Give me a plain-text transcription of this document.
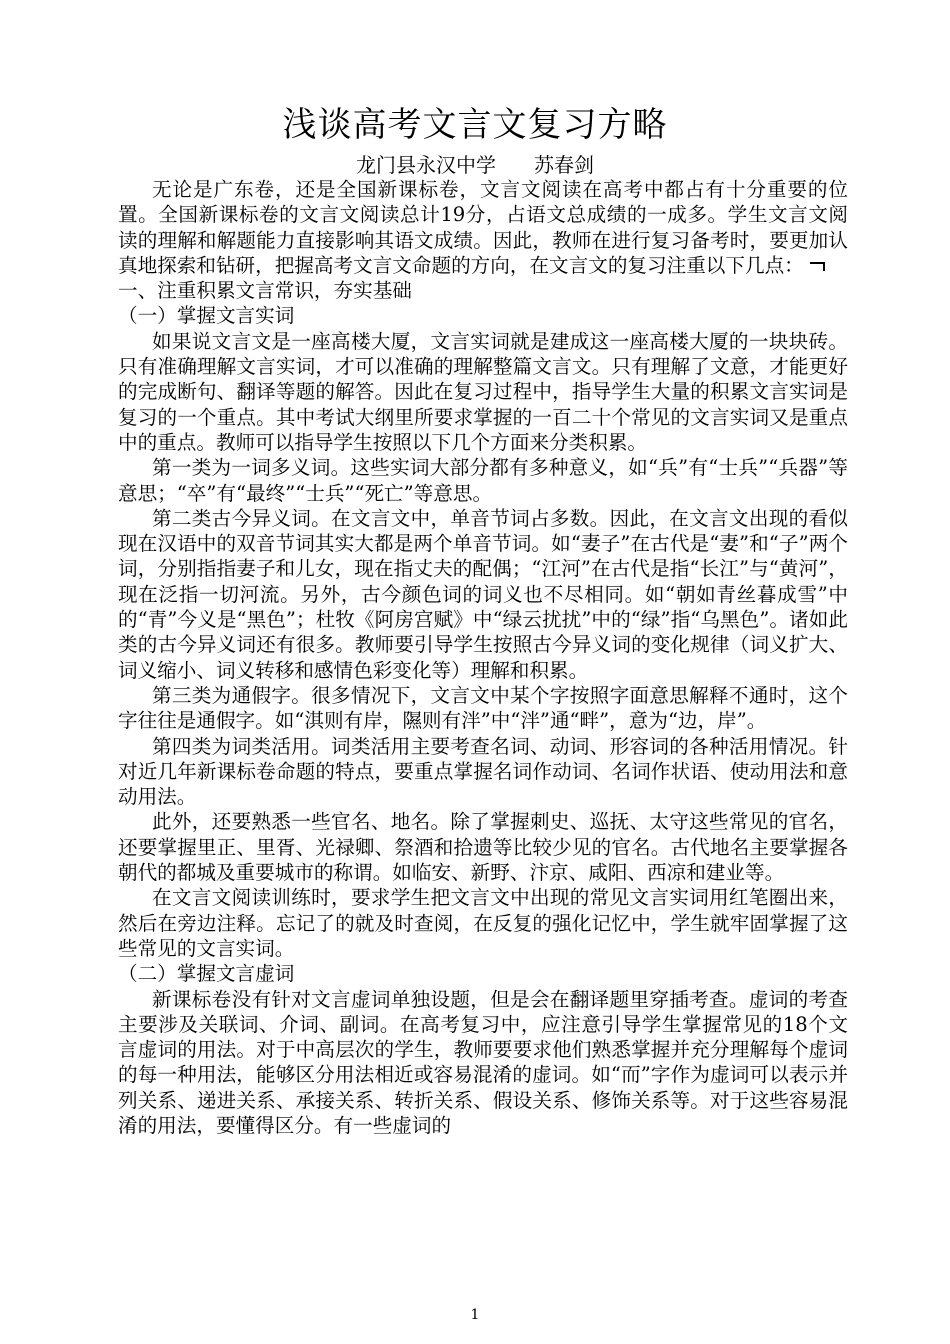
浅谈高考文言文复习方略
龙门县永汉中学 苏春剑

无论是广东卷，还是全国新课标卷，文言文阅读在高考中都占有十分重要的位置。全国新课标卷的文言文阅读总计19分，占语文总成绩的一成多。学生文言文阅读的理解和解题能力直接影响其语文成绩。因此，教师在进行复习备考时，要更加认真地探索和钻研，把握高考文言文命题的方向，在文言文的复习注重以下几点：

一、注重积累文言常识，夯实基础

（一）掌握文言实词

如果说文言文是一座高楼大厦，文言实词就是建成这一座高楼大厦的一块块砖。只有准确理解文言实词，才可以准确的理解整篇文言文。只有理解了文意，才能更好的完成断句、翻译等题的解答。因此在复习过程中，指导学生大量的积累文言实词是复习的一个重点。其中考试大纲里所要求掌握的一百二十个常见的文言实词又是重点中的重点。教师可以指导学生按照以下几个方面来分类积累。

第一类为一词多义词。这些实词大部分都有多种意义，如“兵”有“士兵”“兵器”等意思；“卒”有“最终”“士兵”“死亡”等意思。

第二类古今异义词。在文言文中，单音节词占多数。因此，在文言文出现的看似现在汉语中的双音节词其实大都是两个单音节词。如“妻子”在古代是“妻”和“子”两个词，分别指指妻子和儿女，现在指丈夫的配偶；“江河”在古代是指“长江”与“黄河”，现在泛指一切河流。另外，古今颜色词的词义也不尽相同。如“朝如青丝暮成雪”中的“青”今义是“黑色”；杜牧《阿房宫赋》中“绿云扰扰”中的“绿”指“乌黑色”。诸如此类的古今异义词还有很多。教师要引导学生按照古今异义词的变化规律（词义扩大、词义缩小、词义转移和感情色彩变化等）理解和积累。

第三类为通假字。很多情况下，文言文中某个字按照字面意思解释不通时，这个字往往是通假字。如“淇则有岸，隰则有泮”中“泮”通“畔”，意为“边，岸”。

第四类为词类活用。词类活用主要考查名词、动词、形容词的各种活用情况。针对近几年新课标卷命题的特点，要重点掌握名词作动词、名词作状语、使动用法和意动用法。

此外，还要熟悉一些官名、地名。除了掌握刺史、巡抚、太守这些常见的官名，还要掌握里正、里胥、光禄卿、祭酒和拾遗等比较少见的官名。古代地名主要掌握各朝代的都城及重要城市的称谓。如临安、新野、汴京、咸阳、西凉和建业等。

在文言文阅读训练时，要求学生把文言文中出现的常见文言实词用红笔圈出来，然后在旁边注释。忘记了的就及时查阅，在反复的强化记忆中，学生就牢固掌握了这些常见的文言实词。

（二）掌握文言虚词

新课标卷没有针对文言虚词单独设题，但是会在翻译题里穿插考查。虚词的考查主要涉及关联词、介词、副词。在高考复习中，应注意引导学生掌握常见的18个文言虚词的用法。对于中高层次的学生，教师要要求他们熟悉掌握并充分理解每个虚词的每一种用法，能够区分用法相近或容易混淆的虚词。如“而”字作为虚词可以表示并列关系、递进关系、承接关系、转折关系、假设关系、修饰关系等。对于这些容易混淆的用法，要懂得区分。有一些虚词的

1
